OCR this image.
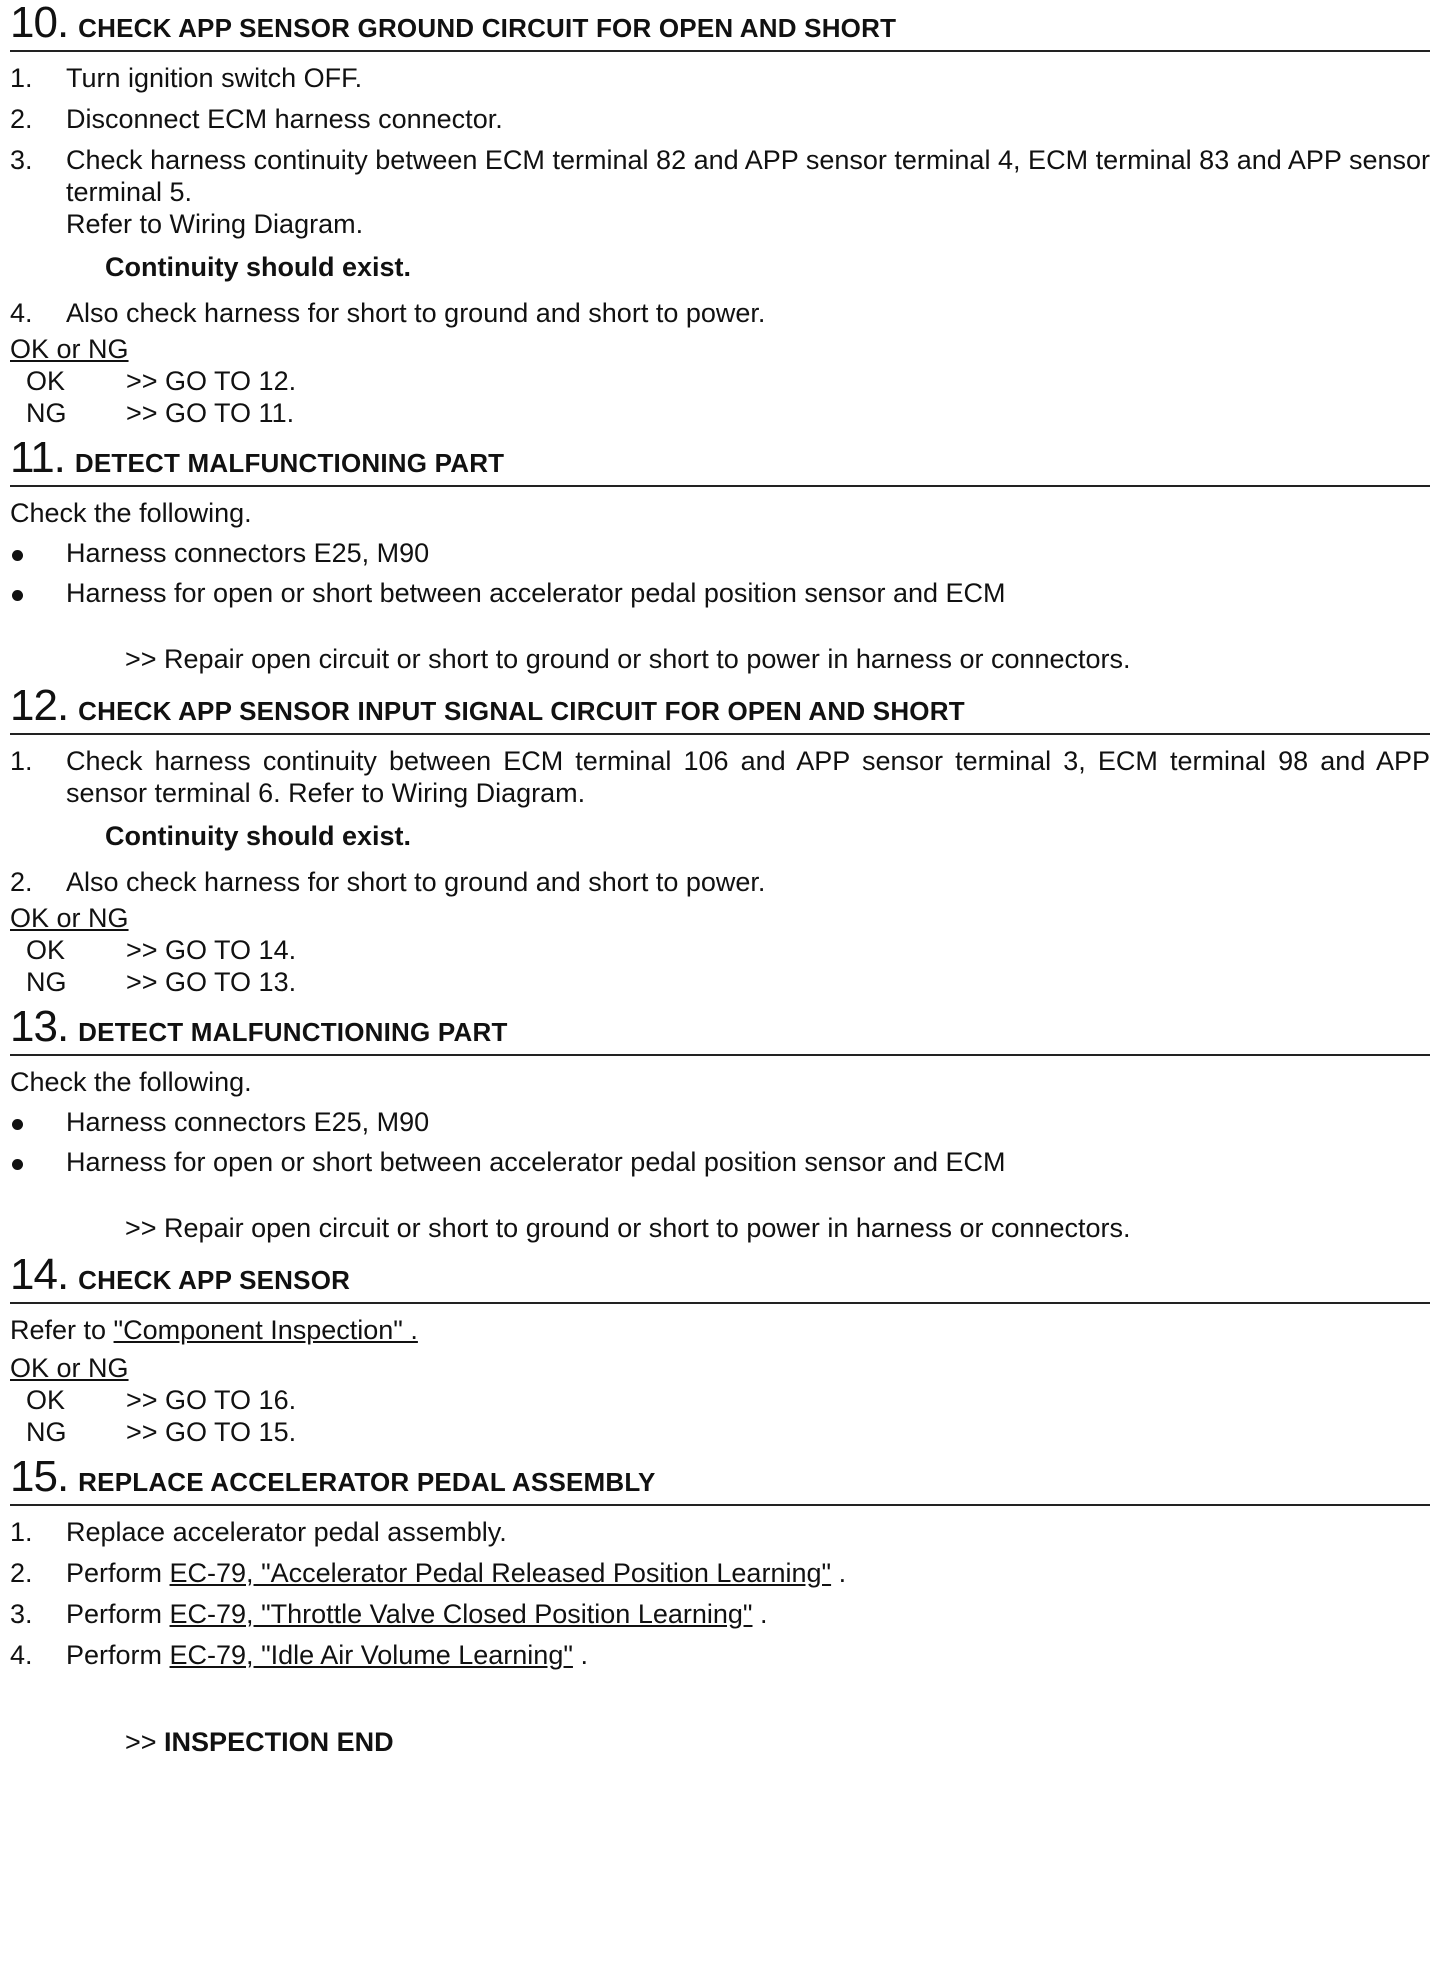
10. CHECK APP SENSOR GROUND CIRCUIT FOR OPEN AND SHORT
1.	Turn ignition switch OFF.
2.	Disconnect ECM harness connector.
3.	Check harness continuity between ECM terminal 82 and APP sensor terminal 4, ECM terminal 83 and APP sensor terminal 5.
Refer to Wiring Diagram.
Continuity should exist.
4.	Also check harness for short to ground and short to power.
OK or NG
OK	>> GO TO 12.
NG	>> GO TO 11.
11. DETECT MALFUNCTIONING PART
Check the following.
Harness connectors E25, M90
Harness for open or short between accelerator pedal position sensor and ECM
>> Repair open circuit or short to ground or short to power in harness or connectors.
12. CHECK APP SENSOR INPUT SIGNAL CIRCUIT FOR OPEN AND SHORT
1.	Check harness continuity between ECM terminal 106 and APP sensor terminal 3, ECM terminal 98 and APP sensor terminal 6. Refer to Wiring Diagram.
Continuity should exist.
2.	Also check harness for short to ground and short to power.
OK or NG
OK	>> GO TO 14.
NG	>> GO TO 13.
13. DETECT MALFUNCTIONING PART
Check the following.
Harness connectors E25, M90
Harness for open or short between accelerator pedal position sensor and ECM
>> Repair open circuit or short to ground or short to power in harness or connectors.
14. CHECK APP SENSOR
Refer to "Component Inspection" .
OK or NG
OK	>> GO TO 16.
NG	>> GO TO 15.
15. REPLACE ACCELERATOR PEDAL ASSEMBLY
1.	Replace accelerator pedal assembly.
2.	Perform EC-79, "Accelerator Pedal Released Position Learning" .
3.	Perform EC-79, "Throttle Valve Closed Position Learning" .
4.	Perform EC-79, "Idle Air Volume Learning" .
>> INSPECTION END
